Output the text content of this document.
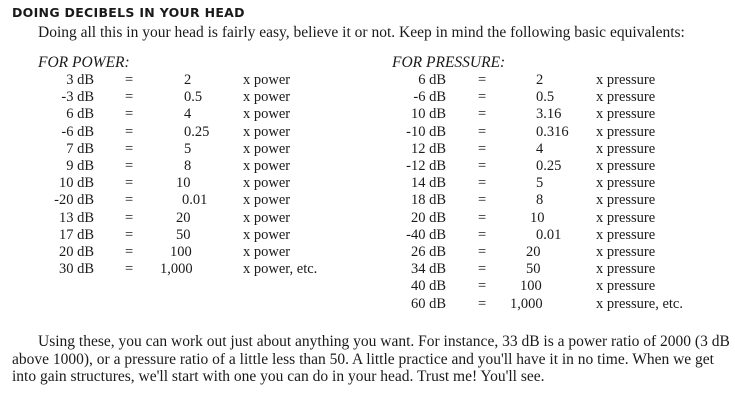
DOING DECIBELS IN YOUR HEAD
Doing all this in your head is fairly easy, believe it or not. Keep in mind the following basic equivalents:
FOR POWER:	FOR PRESSURE:
3 dB =	2	x power
-3 dB =	0.5	x power
6 dB =	4	x power
-6 dB =	0.25	x power
7 dB =	5	x power
9 dB =	8	x power
10 dB =	10	x power
-20 dB =	0.01	x power
13 dB =	20	x power
17 dB =	50	x power
20 dB =	100	x power
30 dB = 1,000	x power, etc.
6 dB =	2	x pressure
-6 dB =	0.5	x pressure
10 dB =	3.16	x pressure
-10 dB =	0.316	x pressure
12 dB =	4	x pressure
-12 dB =	0.25	x pressure
14 dB =	5	x pressure
18 dB =	8	x pressure
20 dB =	10	x pressure
-40 dB =	0.01	x pressure
26 dB =	20	x pressure
34 dB =	50	x pressure
40 dB = 100	x pressure
60 dB = 1,000	x pressure, etc.
Using these, you can work out just about anything you want. For instance, 33 dB is a power ratio of 2000 (3 dB above 1000), or a pressure ratio of a little less than 50. A little practice and you'll have it in no time. When we get into gain structures, we'll start with one you can do in your head. Trust me! You'll see.
